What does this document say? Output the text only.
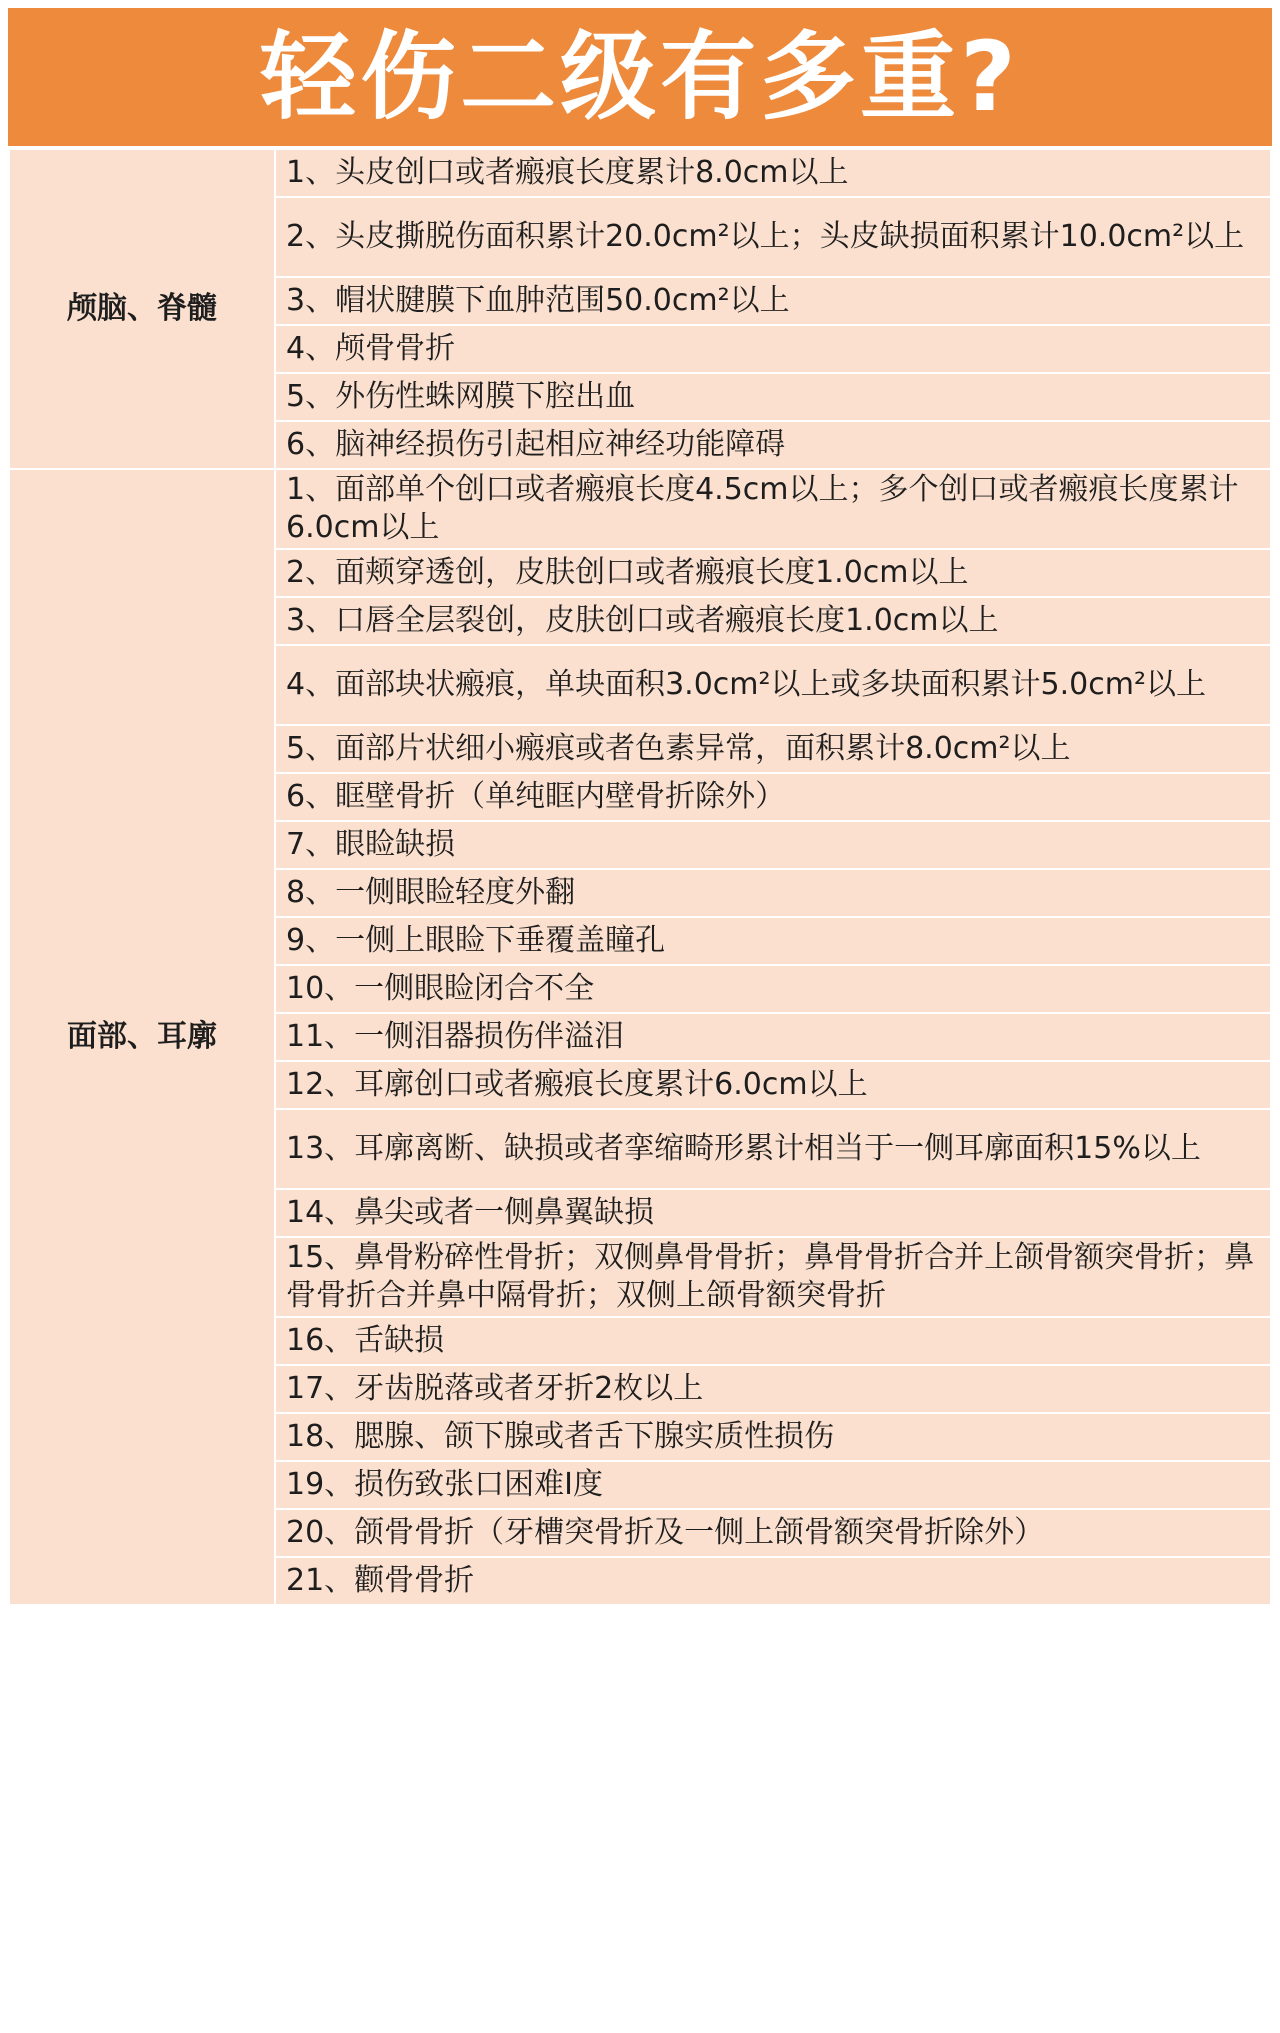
轻伤二级有多重?
颅脑、脊髓	1、头皮创口或者瘢痕长度累计8.0cm以上
	2、头皮撕脱伤面积累计20.0cm²以上；头皮缺损面积累计10.0cm²以上
	3、帽状腱膜下血肿范围50.0cm²以上
	4、颅骨骨折
	5、外伤性蛛网膜下腔出血
	6、脑神经损伤引起相应神经功能障碍
面部、耳廓	1、面部单个创口或者瘢痕长度4.5cm以上；多个创口或者瘢痕长度累计6.0cm以上
	2、面颊穿透创，皮肤创口或者瘢痕长度1.0cm以上
	3、口唇全层裂创，皮肤创口或者瘢痕长度1.0cm以上
	4、面部块状瘢痕，单块面积3.0cm²以上或多块面积累计5.0cm²以上
	5、面部片状细小瘢痕或者色素异常，面积累计8.0cm²以上
	6、眶壁骨折（单纯眶内壁骨折除外）
	7、眼睑缺损
	8、一侧眼睑轻度外翻
	9、一侧上眼睑下垂覆盖瞳孔
	10、一侧眼睑闭合不全
	11、一侧泪器损伤伴溢泪
	12、耳廓创口或者瘢痕长度累计6.0cm以上
	13、耳廓离断、缺损或者挛缩畸形累计相当于一侧耳廓面积15%以上
	14、鼻尖或者一侧鼻翼缺损
	15、鼻骨粉碎性骨折；双侧鼻骨骨折；鼻骨骨折合并上颌骨额突骨折；鼻骨骨折合并鼻中隔骨折；双侧上颌骨额突骨折
	16、舌缺损
	17、牙齿脱落或者牙折2枚以上
	18、腮腺、颌下腺或者舌下腺实质性损伤
	19、损伤致张口困难Ⅰ度
	20、颌骨骨折（牙槽突骨折及一侧上颌骨额突骨折除外）
	21、颧骨骨折
